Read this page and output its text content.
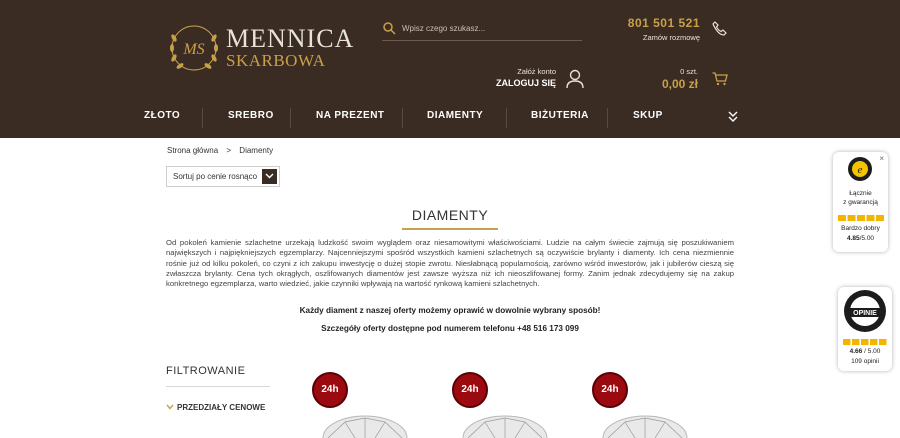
MS MENNICA
SKARBOWA
Wpisz czego szukasz...
801 501 521
Zamów rozmowę
Załóż konto
ZALOGUJ SIĘ
0 szt.
0,00 zł
ZŁOTO	SREBRO	NA PREZENT	DIAMENTY	BIŻUTERIA	SKUP
Strona główna > Diamenty
Sortuj po cenie rosnąco
DIAMENTY

Od pokoleń kamienie szlachetne urzekają ludzkość swoim wyglądem oraz niesamowitymi właściwościami. Ludzie na całym świecie zajmują się poszukiwaniem największych i najpiękniejszych egzemplarzy. Najcenniejszymi spośród wszystkich kamieni szlachetnych są oczywiście brylanty i diamenty. Ich cena niezmiennie rośnie już od kilku pokoleń, co czyni z ich zakupu inwestycję o dużej stopie zwrotu. Niesłabnącą popularnością, zarówno wśród inwestorów, jak i jubilerów cieszą się zwłaszcza brylanty. Cena tych okrągłych, oszlifowanych diamentów jest zawsze wyższa niż ich nieoszlifowanej formy. Zanim jednak zdecydujemy się na zakup konkretnego egzemplarza, warto wiedzieć, jakie czynniki wpływają na wartość rynkową kamieni szlachetnych.

Każdy diament z naszej oferty możemy oprawić w dowolnie wybrany sposób!

Szczegóły oferty dostępne pod numerem telefonu +48 516 173 099

FILTROWANIE
PRZEDZIAŁY CENOWE
24h	24h	24h
×
e
Łącznie
z gwarancją
Bardzo dobry
4.85/5.00
OPINIE
4.66 / 5.00
109 opinii
